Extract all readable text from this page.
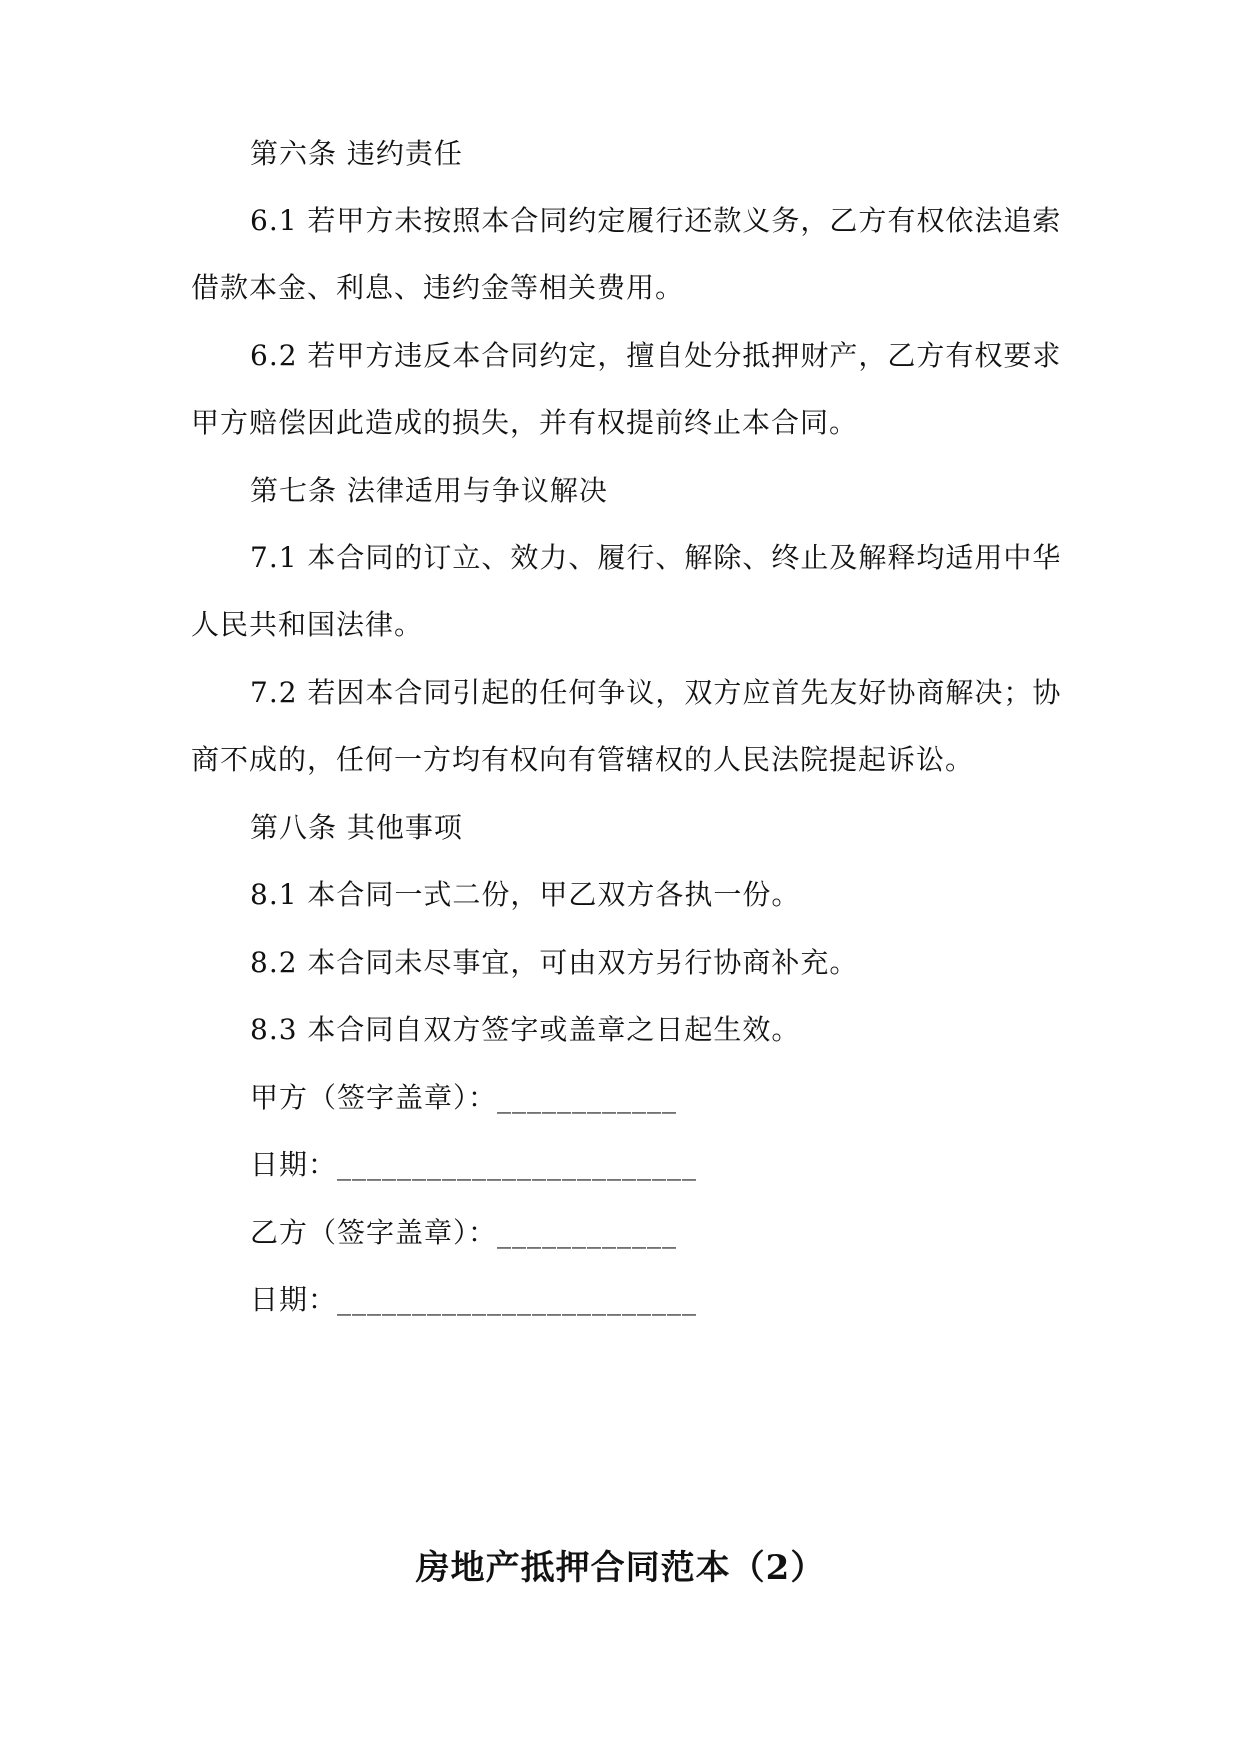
第六条 违约责任
6.1 若甲方未按照本合同约定履行还款义务，乙方有权依法追索
借款本金、利息、违约金等相关费用。
6.2 若甲方违反本合同约定，擅自处分抵押财产，乙方有权要求
甲方赔偿因此造成的损失，并有权提前终止本合同。
第七条 法律适用与争议解决
7.1 本合同的订立、效力、履行、解除、终止及解释均适用中华
人民共和国法律。
7.2 若因本合同引起的任何争议，双方应首先友好协商解决；协
商不成的，任何一方均有权向有管辖权的人民法院提起诉讼。
第八条 其他事项
8.1 本合同一式二份，甲乙双方各执一份。
8.2 本合同未尽事宜，可由双方另行协商补充。
8.3 本合同自双方签字或盖章之日起生效。
甲方（签字盖章）：____________
日期：________________________
乙方（签字盖章）：____________
日期：________________________
房地产抵押合同范本（2）
